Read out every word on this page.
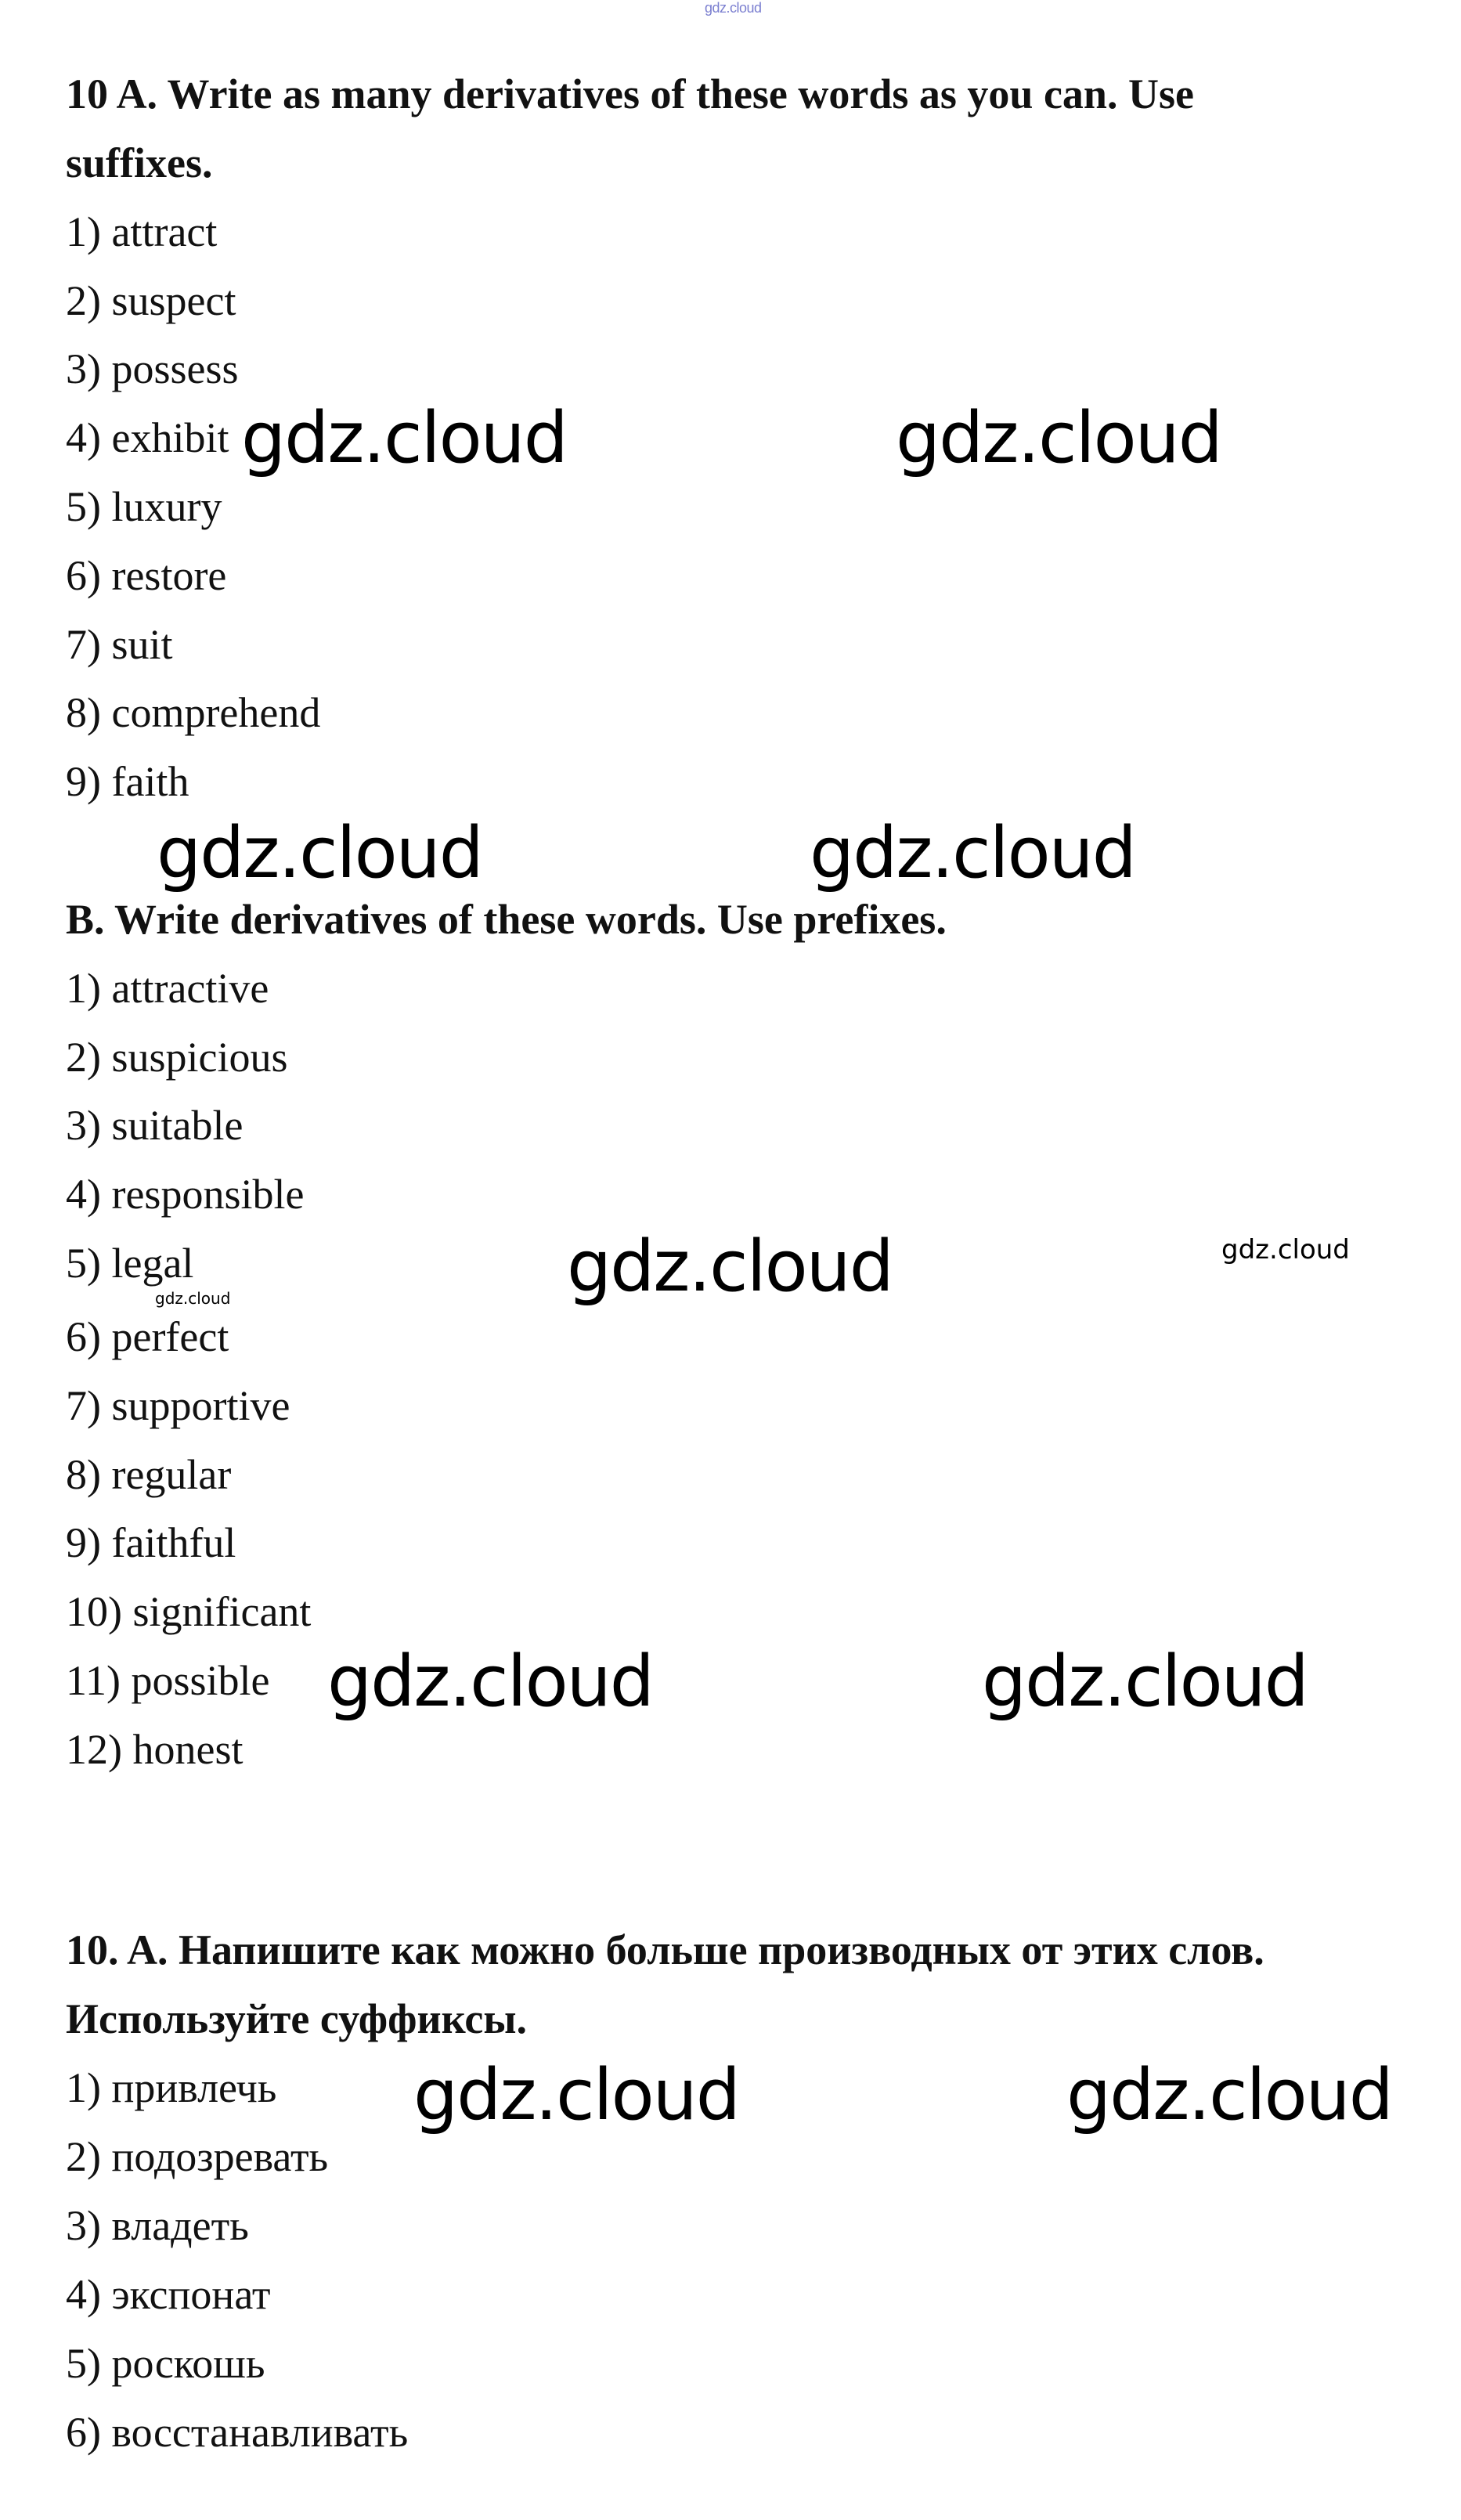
gdz.cloud
10 A. Write as many derivatives of these words as you can. Use
suffixes.
1) attract
2) suspect
3) possess
4) exhibit
5) luxury
6) restore
7) suit
8) comprehend
9) faith
B. Write derivatives of these words. Use prefixes.
1) attractive
2) suspicious
3) suitable
4) responsible
5) legal
6) perfect
7) supportive
8) regular
9) faithful
10) significant
11) possible
12) honest
10. A. Напишите как можно больше производных от этих слов.
Используйте суффиксы.
1) привлечь
2) подозревать
3) владеть
4) экспонат
5) роскошь
6) восстанавливать
gdz.cloud	gdz.cloud
gdz.cloud	gdz.cloud
gdz.cloud	gdz.cloud
gdz.cloud
gdz.cloud	gdz.cloud
gdz.cloud	gdz.cloud
